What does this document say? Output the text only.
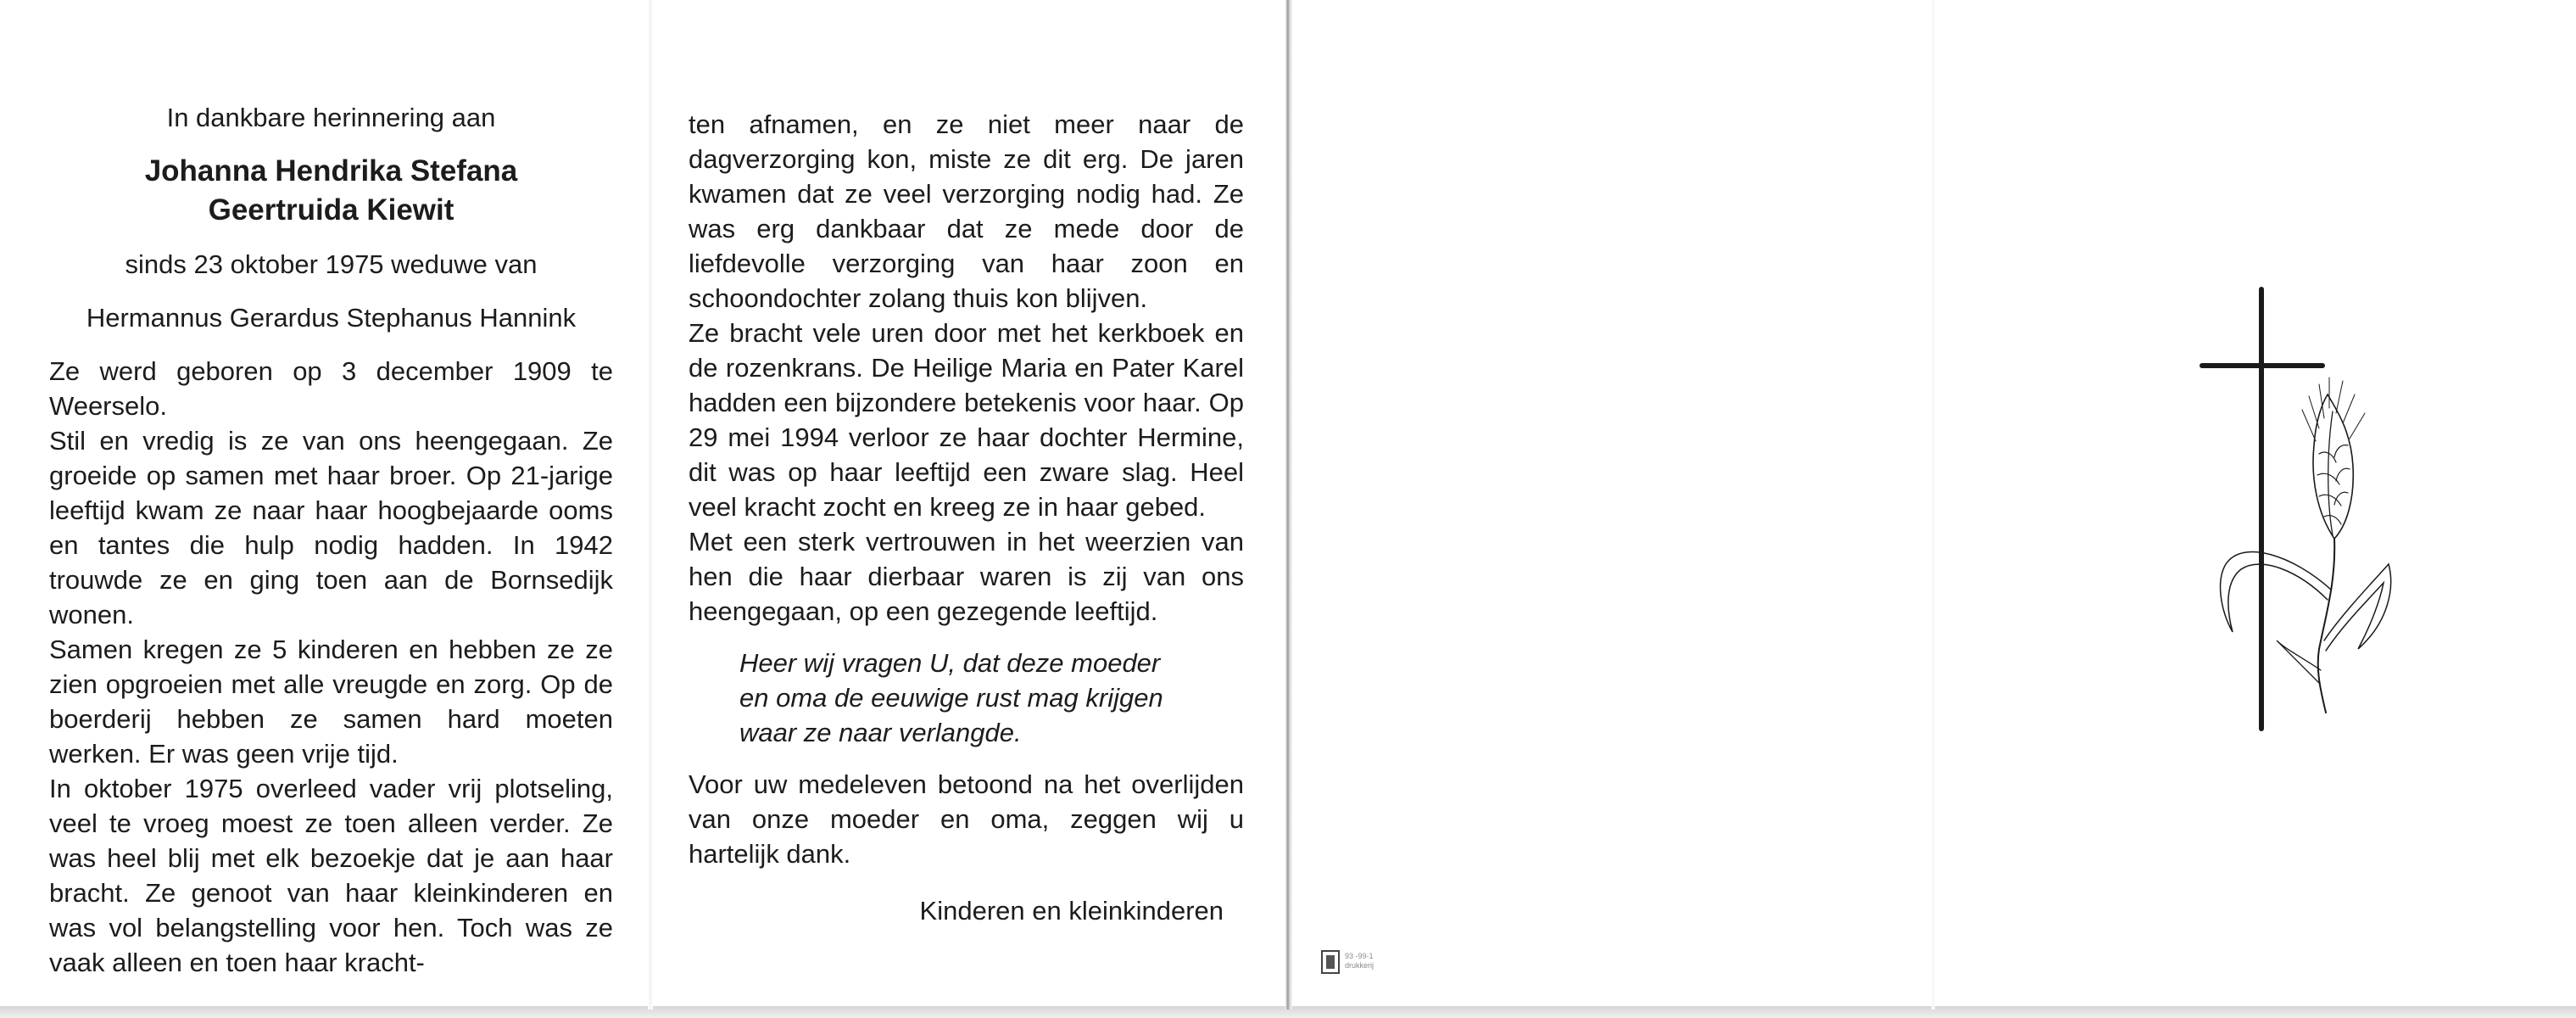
In dankbare herinnering aan
Johanna Hendrika Stefana
Geertruida Kiewit
sinds 23 oktober 1975 weduwe van
Hermannus Gerardus Stephanus Hannink

Ze werd geboren op 3 december 1909 te Weerselo.

Stil en vredig is ze van ons heengegaan. Ze groeide op samen met haar broer. Op 21-jarige leeftijd kwam ze naar haar hoogbejaarde ooms en tantes die hulp nodig hadden. In 1942 trouwde ze en ging toen aan de Bornsedijk wonen.

Samen kregen ze 5 kinderen en hebben ze ze zien opgroeien met alle vreugde en zorg. Op de boerderij hebben ze samen hard moeten werken. Er was geen vrije tijd.

In oktober 1975 overleed vader vrij plotseling, veel te vroeg moest ze toen alleen verder. Ze was heel blij met elk bezoekje dat je aan haar bracht. Ze genoot van haar kleinkinderen en was vol belangstelling voor hen. Toch was ze vaak alleen en toen haar kracht-

ten afnamen, en ze niet meer naar de dagverzorging kon, miste ze dit erg. De jaren kwamen dat ze veel verzorging nodig had. Ze was erg dankbaar dat ze mede door de liefdevolle verzorging van haar zoon en schoondochter zolang thuis kon blijven.

Ze bracht vele uren door met het kerkboek en de rozenkrans. De Heilige Maria en Pater Karel hadden een bijzondere betekenis voor haar. Op 29 mei 1994 verloor ze haar dochter Hermine, dit was op haar leeftijd een zware slag. Heel veel kracht zocht en kreeg ze in haar gebed.

Met een sterk vertrouwen in het weerzien van hen die haar dierbaar waren is zij van ons heengegaan, op een gezegende leeftijd.

Heer wij vragen U, dat deze moeder
en oma de eeuwige rust mag krijgen
waar ze naar verlangde.
Voor uw medeleven betoond na het overlijden van onze moeder en oma, zeggen wij u hartelijk dank.
Kinderen en kleinkinderen
93 -99-1
drukkerij
